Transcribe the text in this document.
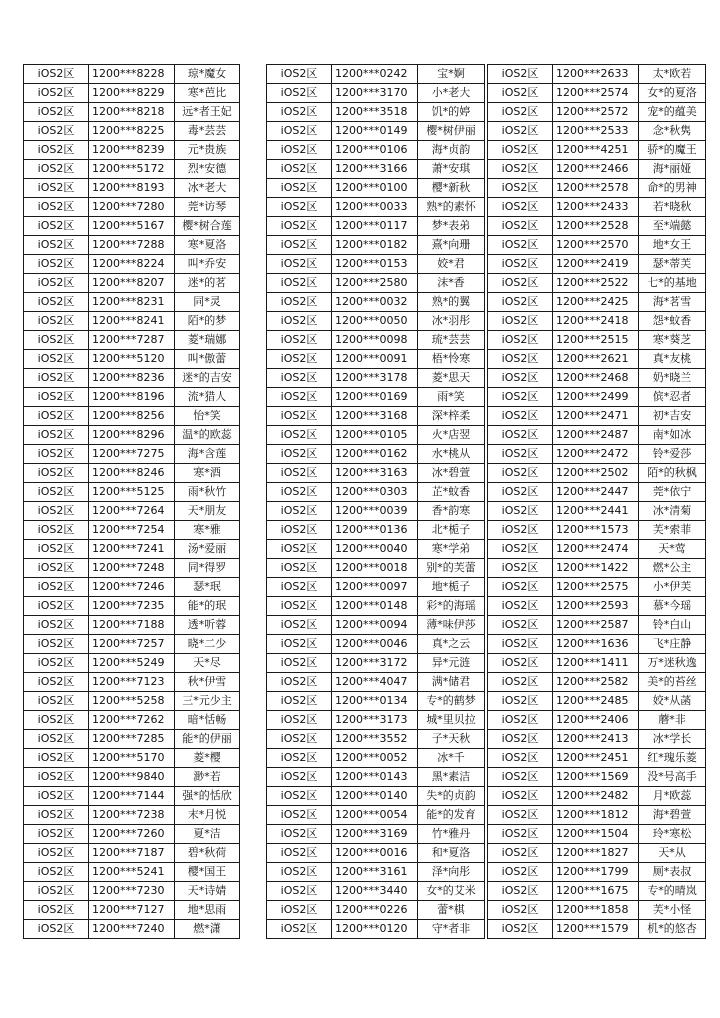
iOS2区	1200***8228	琼*魔女
iOS2区	1200***8229	寒*芭比
iOS2区	1200***8218	远*者王妃
iOS2区	1200***8225	毒*芸芸
iOS2区	1200***8239	元*贵族
iOS2区	1200***5172	烈*安德
iOS2区	1200***8193	冰*老大
iOS2区	1200***7280	莞*访琴
iOS2区	1200***5167	樱*树合莲
iOS2区	1200***7288	寒*夏洛
iOS2区	1200***8224	叫*乔安
iOS2区	1200***8207	迷*的茗
iOS2区	1200***8231	同*灵
iOS2区	1200***8241	陌*的梦
iOS2区	1200***7287	菱*瑞娜
iOS2区	1200***5120	叫*傲蕾
iOS2区	1200***8236	迷*的吉安
iOS2区	1200***8196	流*猎人
iOS2区	1200***8256	怡*笑
iOS2区	1200***8296	温*的欧蕊
iOS2区	1200***7275	海*含莲
iOS2区	1200***8246	寒*酒
iOS2区	1200***5125	雨*秋竹
iOS2区	1200***7264	天*朋友
iOS2区	1200***7254	寒*雅
iOS2区	1200***7241	汤*爱丽
iOS2区	1200***7248	同*得罗
iOS2区	1200***7246	瑟*珉
iOS2区	1200***7235	能*的珉
iOS2区	1200***7188	透*听蓉
iOS2区	1200***7257	晓*二少
iOS2区	1200***5249	天*尽
iOS2区	1200***7123	秋*伊雪
iOS2区	1200***5258	三*元少主
iOS2区	1200***7262	暗*恬畅
iOS2区	1200***7285	能*的伊丽
iOS2区	1200***5170	菱*樱
iOS2区	1200***9840	渺*若
iOS2区	1200***7144	强*的恬欣
iOS2区	1200***7238	末*月悦
iOS2区	1200***7260	夏*洁
iOS2区	1200***7187	碧*秋荷
iOS2区	1200***5241	樱*国王
iOS2区	1200***7230	天*诗婧
iOS2区	1200***7127	地*思雨
iOS2区	1200***7240	燃*潇
iOS2区	1200***0242	宝*婀
iOS2区	1200***3170	小*老大
iOS2区	1200***3518	饥*的婷
iOS2区	1200***0149	樱*树伊丽
iOS2区	1200***0106	海*贞韵
iOS2区	1200***3166	萧*安琪
iOS2区	1200***0100	樱*新秋
iOS2区	1200***0033	熟*的素怀
iOS2区	1200***0117	梦*表弟
iOS2区	1200***0182	熹*向珊
iOS2区	1200***0153	姣*君
iOS2区	1200***2580	沫*香
iOS2区	1200***0032	熟*的翼
iOS2区	1200***0050	冰*羽彤
iOS2区	1200***0098	琉*芸芸
iOS2区	1200***0091	梧*怜寒
iOS2区	1200***3178	菱*思天
iOS2区	1200***0169	雨*笑
iOS2区	1200***3168	深*梓柔
iOS2区	1200***0105	火*店翌
iOS2区	1200***0162	水*桃从
iOS2区	1200***3163	冰*碧萱
iOS2区	1200***0303	芷*蚊香
iOS2区	1200***0039	香*韵寒
iOS2区	1200***0136	北*栀子
iOS2区	1200***0040	寒*学弟
iOS2区	1200***0018	别*的芙蕾
iOS2区	1200***0097	地*栀子
iOS2区	1200***0148	彩*的海瑶
iOS2区	1200***0094	薄*味伊莎
iOS2区	1200***0046	真*之云
iOS2区	1200***3172	异*元涟
iOS2区	1200***4047	满*储君
iOS2区	1200***0134	专*的鹤梦
iOS2区	1200***3173	城*里贝拉
iOS2区	1200***3552	子*天秋
iOS2区	1200***0052	冰*千
iOS2区	1200***0143	黑*素洁
iOS2区	1200***0140	失*的贞韵
iOS2区	1200***0054	能*的发育
iOS2区	1200***3169	竹*雅丹
iOS2区	1200***0016	和*夏洛
iOS2区	1200***3161	泽*向彤
iOS2区	1200***3440	女*的艾米
iOS2区	1200***0226	蕾*棋
iOS2区	1200***0120	守*者非
iOS2区	1200***2633	太*欧若
iOS2区	1200***2574	女*的夏洛
iOS2区	1200***2572	宠*的蕴美
iOS2区	1200***2533	念*秋隽
iOS2区	1200***4251	骄*的魔王
iOS2区	1200***2466	海*丽娅
iOS2区	1200***2578	命*的男神
iOS2区	1200***2433	若*晓秋
iOS2区	1200***2528	至*端懿
iOS2区	1200***2570	地*女王
iOS2区	1200***2419	瑟*蒂芙
iOS2区	1200***2522	七*的基地
iOS2区	1200***2425	海*茗雪
iOS2区	1200***2418	怨*蚊香
iOS2区	1200***2515	寒*葵芝
iOS2区	1200***2621	真*友桃
iOS2区	1200***2468	奶*晓兰
iOS2区	1200***2499	傧*忍者
iOS2区	1200***2471	初*吉安
iOS2区	1200***2487	南*如冰
iOS2区	1200***2472	铃*爱莎
iOS2区	1200***2502	陌*的秋枫
iOS2区	1200***2447	莞*依宁
iOS2区	1200***2441	冰*清菊
iOS2区	1200***1573	芙*索菲
iOS2区	1200***2474	天*莺
iOS2区	1200***1422	燃*公主
iOS2区	1200***2575	小*伊芙
iOS2区	1200***2593	慕*今瑶
iOS2区	1200***2587	铃*白山
iOS2区	1200***1636	飞*庄静
iOS2区	1200***1411	万*迷秋逸
iOS2区	1200***2582	美*的苔丝
iOS2区	1200***2485	姣*从菡
iOS2区	1200***2406	蘑*非
iOS2区	1200***2413	冰*学长
iOS2区	1200***2451	红*瑰乐菱
iOS2区	1200***1569	没*号高手
iOS2区	1200***2482	月*欧蕊
iOS2区	1200***1812	海*碧萱
iOS2区	1200***1504	玲*寒松
iOS2区	1200***1827	天*从
iOS2区	1200***1799	厕*表叔
iOS2区	1200***1675	专*的晴岚
iOS2区	1200***1858	芙*小怪
iOS2区	1200***1579	机*的悠杏
